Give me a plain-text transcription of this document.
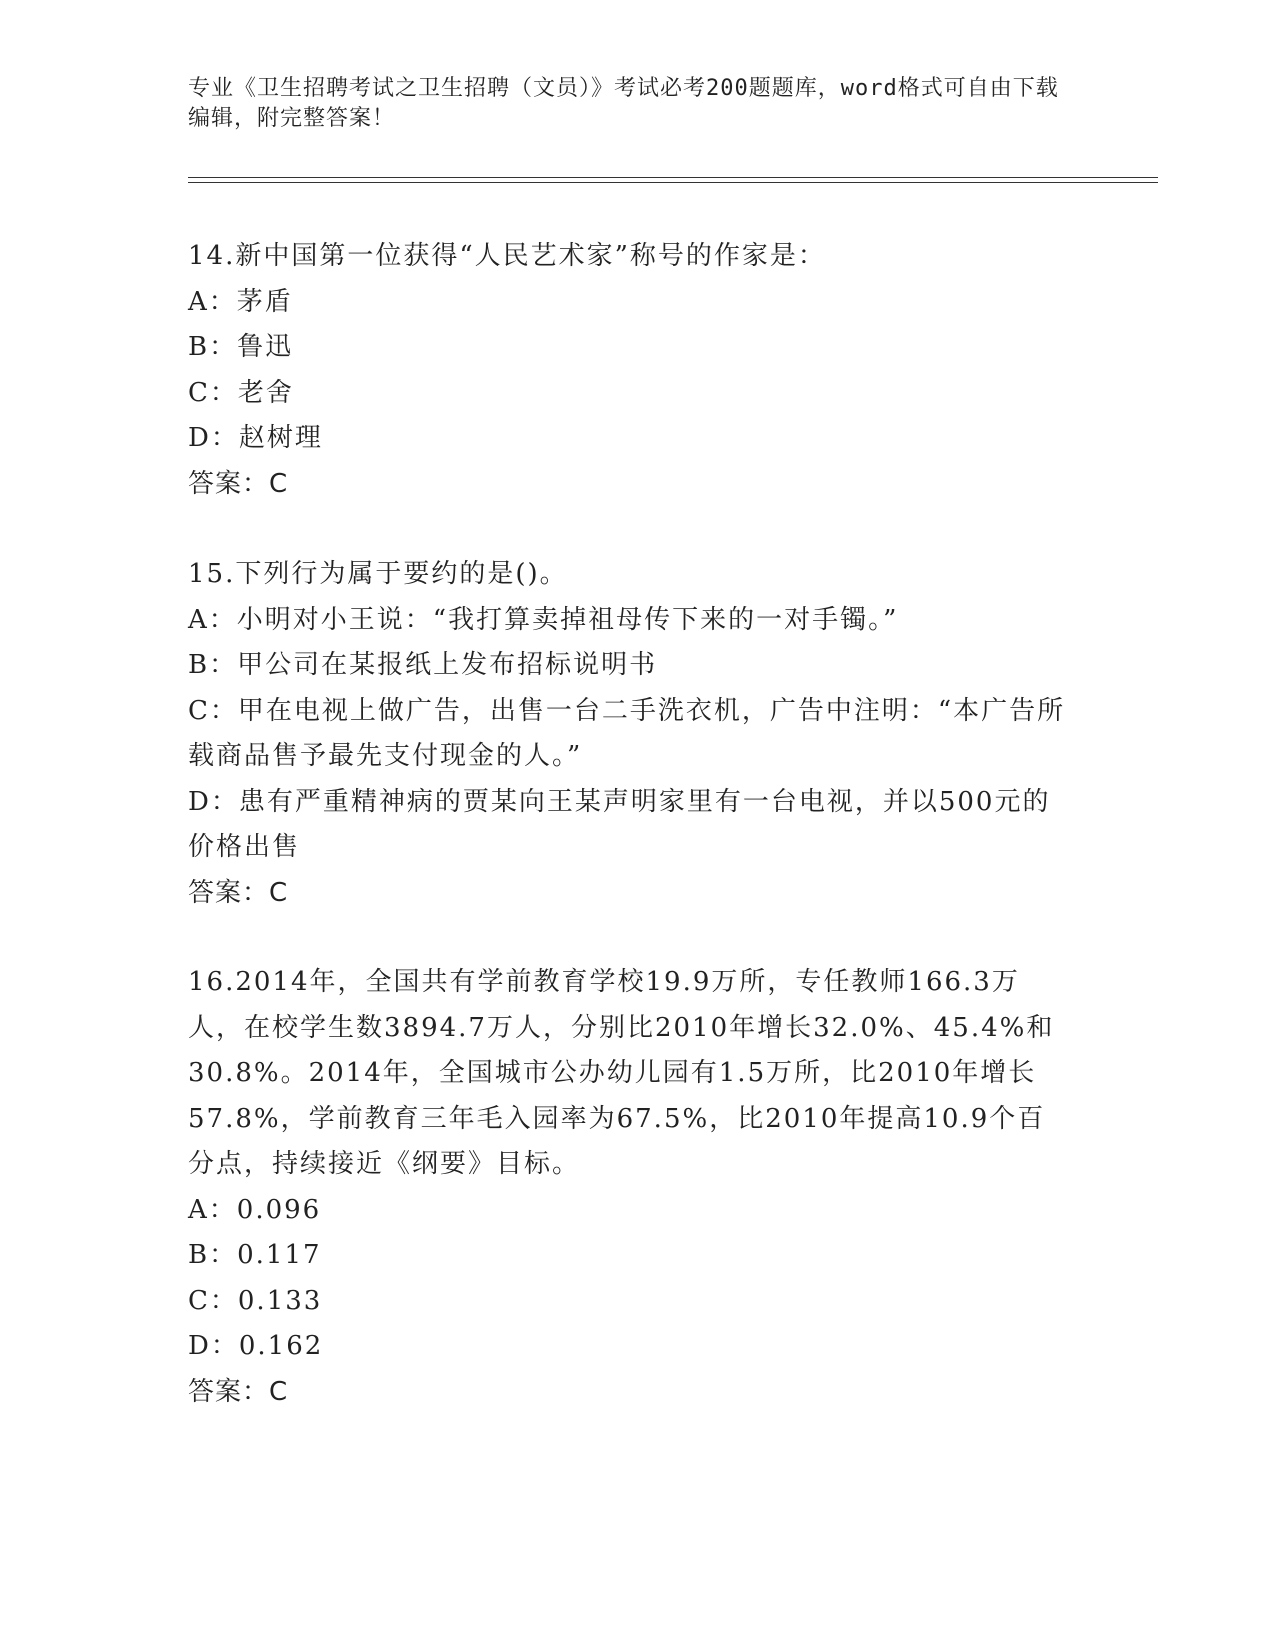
专业《卫生招聘考试之卫生招聘（文员）》考试必考200题题库，word格式可自由下载编辑，附完整答案！
14.新中国第一位获得“人民艺术家”称号的作家是：
A：茅盾
B：鲁迅
C：老舍
D：赵树理
答案：C
15.下列行为属于要约的是()。
A：小明对小王说：“我打算卖掉祖母传下来的一对手镯。”
B：甲公司在某报纸上发布招标说明书
C：甲在电视上做广告，出售一台二手洗衣机，广告中注明：“本广告所载商品售予最先支付现金的人。”
D：患有严重精神病的贾某向王某声明家里有一台电视，并以500元的价格出售
答案：C
16.2014年，全国共有学前教育学校19.9万所，专任教师166.3万人，在校学生数3894.7万人，分别比2010年增长32.0%、45.4%和30.8%。2014年，全国城市公办幼儿园有1.5万所，比2010年增长57.8%，学前教育三年毛入园率为67.5%，比2010年提高10.9个百分点，持续接近《纲要》目标。
A：0.096
B：0.117
C：0.133
D：0.162
答案：C
